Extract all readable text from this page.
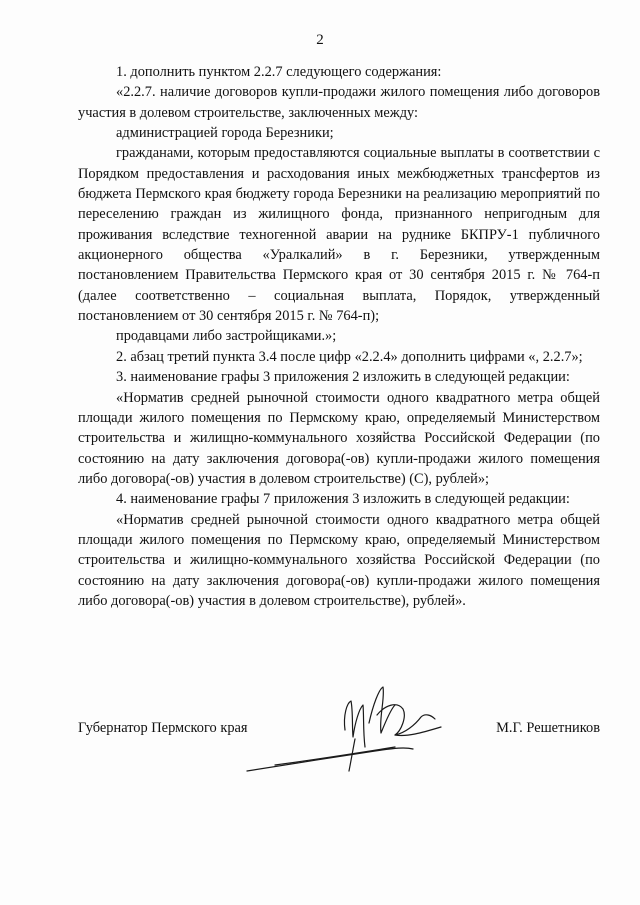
2

1. дополнить пунктом 2.2.7 следующего содержания:

«2.2.7. наличие договоров купли-продажи жилого помещения либо договоров участия в долевом строительстве, заключенных между:

администрацией города Березники;

гражданами, которым предоставляются социальные выплаты в соответствии с Порядком предоставления и расходования иных межбюджетных трансфертов из бюджета Пермского края бюджету города Березники на реализацию мероприятий по переселению граждан из жилищного фонда, признанного непригодным для проживания вследствие техногенной аварии на руднике БКПРУ-1 публичного акционерного общества «Уралкалий» в г. Березники, утвержденным постановлением Правительства Пермского края от 30 сентября 2015 г. № 764-п (далее соответственно – социальная выплата, Порядок, утвержденный постановлением от 30 сентября 2015 г. № 764-п);

продавцами либо застройщиками.»;

2. абзац третий пункта 3.4 после цифр «2.2.4» дополнить цифрами «, 2.2.7»;

3. наименование графы 3 приложения 2 изложить в следующей редакции:

«Норматив средней рыночной стоимости одного квадратного метра общей площади жилого помещения по Пермскому краю, определяемый Министерством строительства и жилищно-коммунального хозяйства Российской Федерации (по состоянию на дату заключения договора(-ов) купли-продажи жилого помещения либо договора(-ов) участия в долевом строительстве) (С), рублей»;

4. наименование графы 7 приложения 3 изложить в следующей редакции:

«Норматив средней рыночной стоимости одного квадратного метра общей площади жилого помещения по Пермскому краю, определяемый Министерством строительства и жилищно-коммунального хозяйства Российской Федерации (по состоянию на дату заключения договора(-ов) купли-продажи жилого помещения либо договора(-ов) участия в долевом строительстве), рублей».

Губернатор Пермского края	М.Г. Решетников
